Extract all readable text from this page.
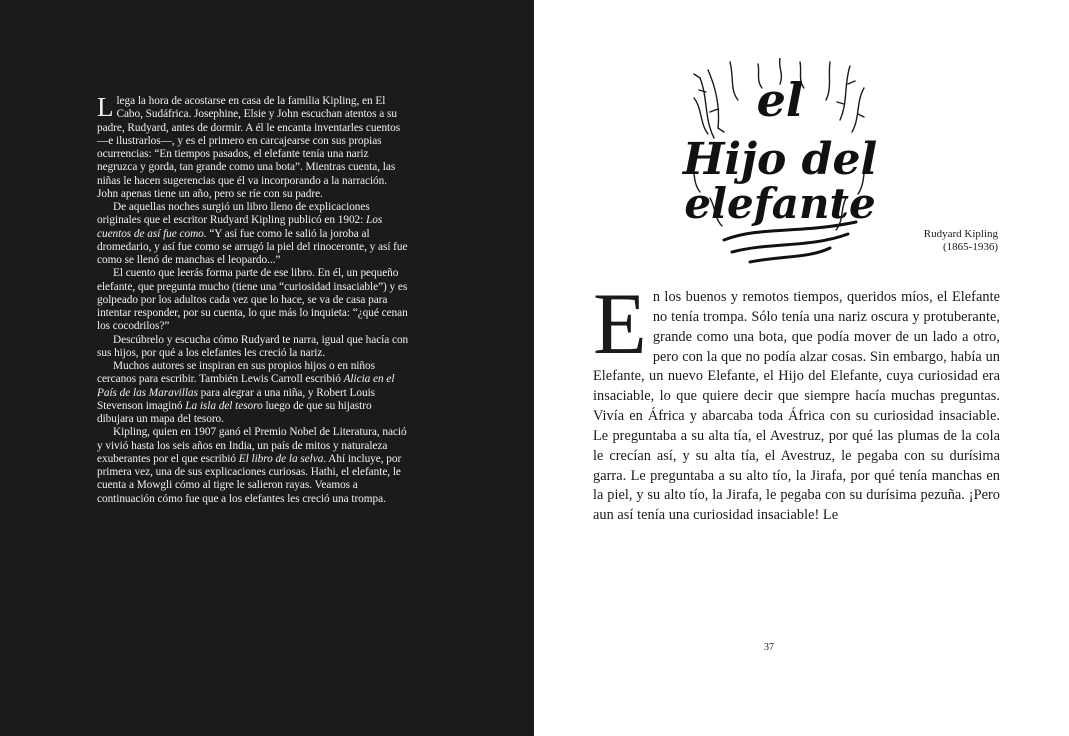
Llega la hora de acostarse en casa de la familia Kipling, en El Cabo, Sudáfrica. Josephine, Elsie y John escuchan atentos a su padre, Rudyard, antes de dormir. A él le encanta inventarles cuentos —e ilustrarlos—, y es el primero en carcajearse con sus propias ocurrencias: “En tiempos pasados, el elefante tenía una nariz negruzca y gorda, tan grande como una bota”. Mientras cuenta, las niñas le hacen sugerencias que él va incorporando a la narración. John apenas tiene un año, pero se ríe con su padre.

De aquellas noches surgió un libro lleno de explicaciones originales que el escritor Rudyard Kipling publicó en 1902: Los cuentos de así fue como. “Y así fue como le salió la joroba al dromedario, y así fue como se arrugó la piel del rinoceronte, y así fue como se llenó de manchas el leopardo...”

El cuento que leerás forma parte de ese libro. En él, un pequeño elefante, que pregunta mucho (tiene una “curiosidad insaciable”) y es golpeado por los adultos cada vez que lo hace, se va de casa para intentar responder, por su cuenta, lo que más lo inquieta: “¿qué cenan los cocodrilos?”

Descúbrelo y escucha cómo Rudyard te narra, igual que hacía con sus hijos, por qué a los elefantes les creció la nariz.

Muchos autores se inspiran en sus propios hijos o en niños cercanos para escribir. También Lewis Carroll escribió Alicia en el País de las Maravillas para alegrar a una niña, y Robert Louis Stevenson imaginó La isla del tesoro luego de que su hijastro dibujara un mapa del tesoro.

Kipling, quien en 1907 ganó el Premio Nobel de Literatura, nació y vivió hasta los seis años en India, un país de mitos y naturaleza exuberantes por el que escribió El libro de la selva. Ahí incluye, por primera vez, una de sus explicaciones curiosas. Hathi, el elefante, le cuenta a Mowgli cómo al tigre le salieron rayas. Veamos a continuación cómo fue que a los elefantes les creció una trompa.

el
Hijo del
elefante
Rudyard Kipling
(1865-1936)

En los buenos y remotos tiempos, queridos míos, el Elefante no tenía trompa. Sólo tenía una nariz oscura y protuberante, grande como una bota, que podía mover de un lado a otro, pero con la que no podía alzar cosas. Sin embargo, había un Elefante, un nuevo Elefante, el Hijo del Elefante, cuya curiosidad era insaciable, lo que quiere decir que siempre hacía muchas preguntas. Vivía en África y abarcaba toda África con su curiosidad insaciable. Le preguntaba a su alta tía, el Avestruz, por qué las plumas de la cola le crecían así, y su alta tía, el Avestruz, le pegaba con su durísima garra. Le preguntaba a su alto tío, la Jirafa, por qué tenía manchas en la piel, y su alto tío, la Jirafa, le pegaba con su durísima pezuña. ¡Pero aun así tenía una curiosidad insaciable! Le

37
